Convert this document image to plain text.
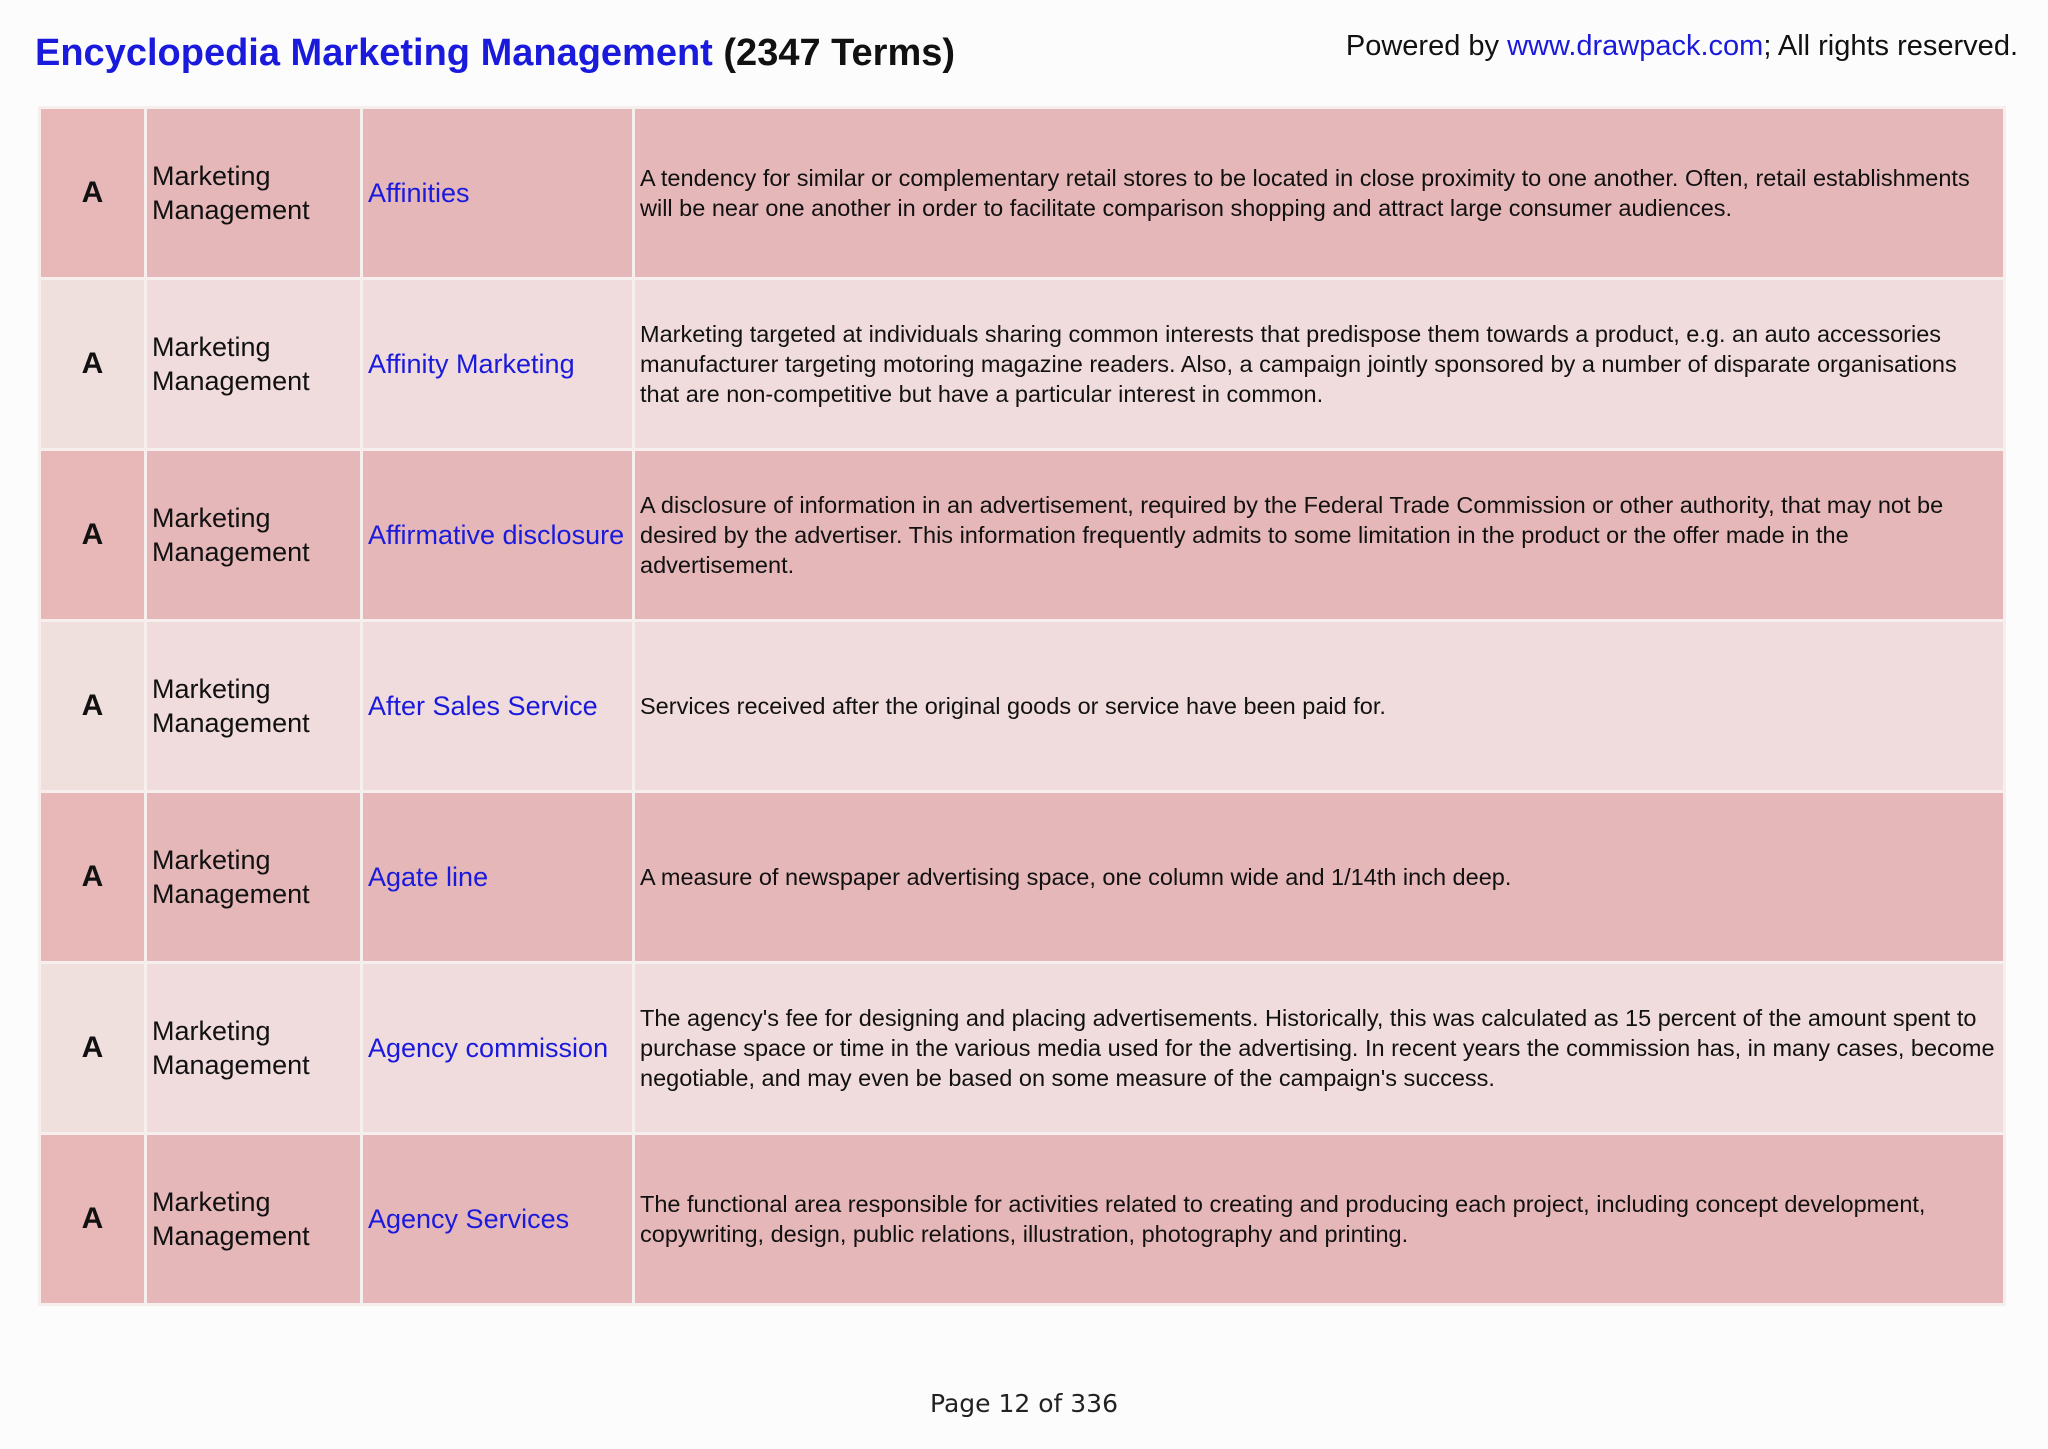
Encyclopedia Marketing Management (2347 Terms)	Powered by www.drawpack.com; All rights reserved.
A	Marketing Management	Affinities	A tendency for similar or complementary retail stores to be located in close proximity to one another. Often, retail establishments will be near one another in order to facilitate comparison shopping and attract large consumer audiences.
A	Marketing Management	Affinity Marketing	Marketing targeted at individuals sharing common interests that predispose them towards a product, e.g. an auto accessories manufacturer targeting motoring magazine readers. Also, a campaign jointly sponsored by a number of disparate organisations that are non-competitive but have a particular interest in common.
A	Marketing Management	Affirmative disclosure	A disclosure of information in an advertisement, required by the Federal Trade Commission or other authority, that may not be desired by the advertiser. This information frequently admits to some limitation in the product or the offer made in the advertisement.
A	Marketing Management	After Sales Service	Services received after the original goods or service have been paid for.
A	Marketing Management	Agate line	A measure of newspaper advertising space, one column wide and 1/14th inch deep.
A	Marketing Management	Agency commission	The agency's fee for designing and placing advertisements. Historically, this was calculated as 15 percent of the amount spent to purchase space or time in the various media used for the advertising. In recent years the commission has, in many cases, become negotiable, and may even be based on some measure of the campaign's success.
A	Marketing Management	Agency Services	The functional area responsible for activities related to creating and producing each project, including concept development, copywriting, design, public relations, illustration, photography and printing.
Page 12 of 336
